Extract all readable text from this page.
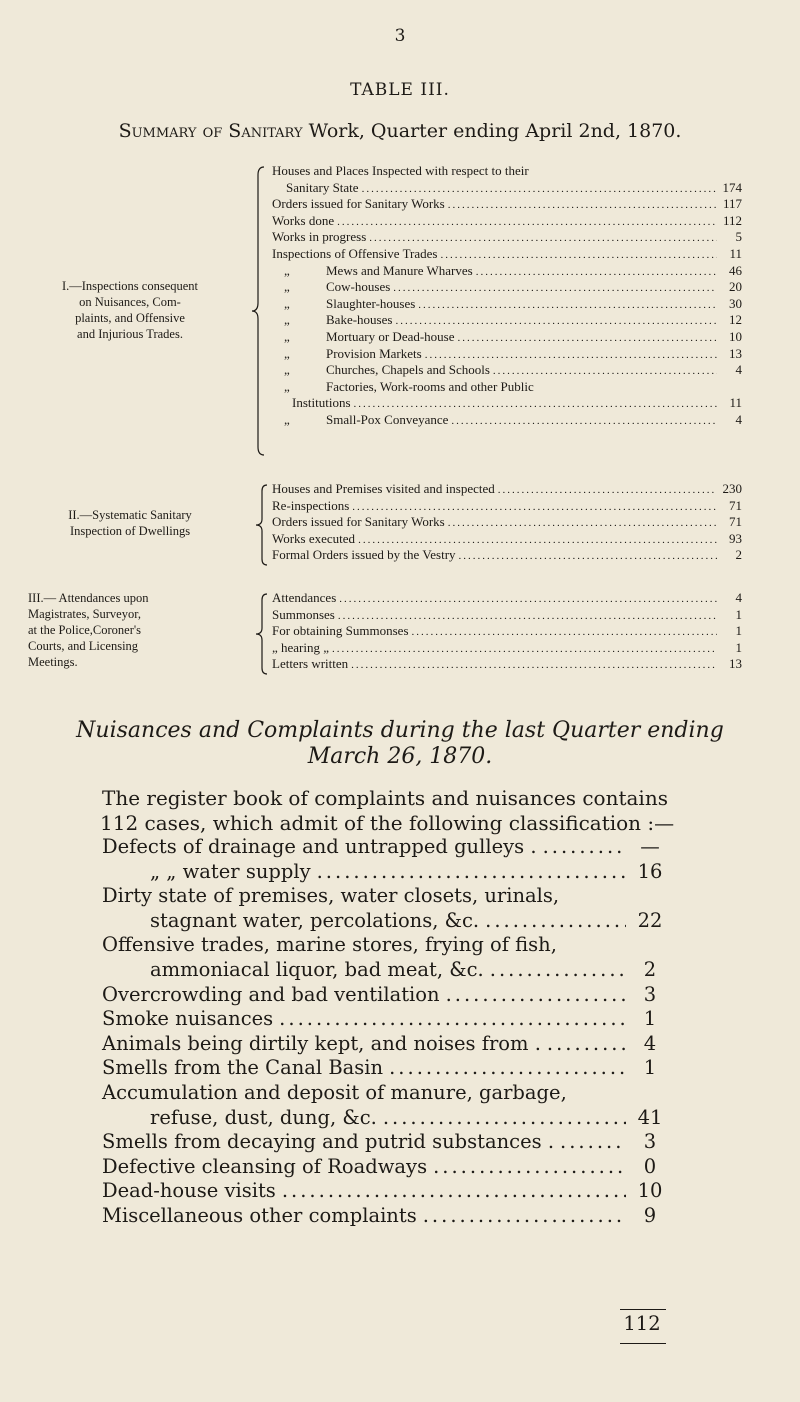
3
TABLE III.
Summary of Sanitary Work, Quarter ending April 2nd, 1870.
I.—Inspections consequent
on Nuisances, Com-
plaints, and Offensive
and Injurious Trades.
Houses and Places Inspected with respect to their
Sanitary State .....	174
Orders issued for Sanitary Works .....	117
Works done .....	112
Works in progress .....	5
Inspections of Offensive Trades .....	11
„	Mews and Manure Wharves .....	46
„	Cow-houses .....	20
„	Slaughter-houses .....	30
„	Bake-houses .....	12
„	Mortuary or Dead-house .....	10
„	Provision Markets .....	13
„	Churches, Chapels and Schools .....	4
„	Factories, Work-rooms and other Public
Institutions .....	11
„	Small-Pox Conveyance .....	4
II.—Systematic Sanitary
Inspection of Dwellings
Houses and Premises visited and inspected .....	230
Re-inspections .....	71
Orders issued for Sanitary Works .....	71
Works executed .....	93
Formal Orders issued by the Vestry .....	2
III.— Attendances upon
Magistrates, Surveyor,
at the Police,Coroner's
Courts, and Licensing
Meetings.
Attendances .....	4
Summonses .....	1
For obtaining Summonses .....	1
„ hearing „ .....	1
Letters written .....	13
Nuisances and Complaints during the last Quarter ending
March 26, 1870.
The register book of complaints and nuisances contains
112 cases, which admit of the following classification :—
Defects of drainage and untrapped gulleys . .....	—
„ „ water supply .....	16
Dirty state of premises, water closets, urinals,
stagnant water, percolations, &c. .....	22
Offensive trades, marine stores, frying of fish,
ammoniacal liquor, bad meat, &c. .....	2
Overcrowding and bad ventilation .....	3
Smoke nuisances .....	1
Animals being dirtily kept, and noises from . .....	4
Smells from the Canal Basin .....	1
Accumulation and deposit of manure, garbage,
refuse, dust, dung, &c. .....	41
Smells from decaying and putrid substances . .....	3
Defective cleansing of Roadways .....	0
Dead-house visits .....	10
Miscellaneous other complaints .....	9
112
